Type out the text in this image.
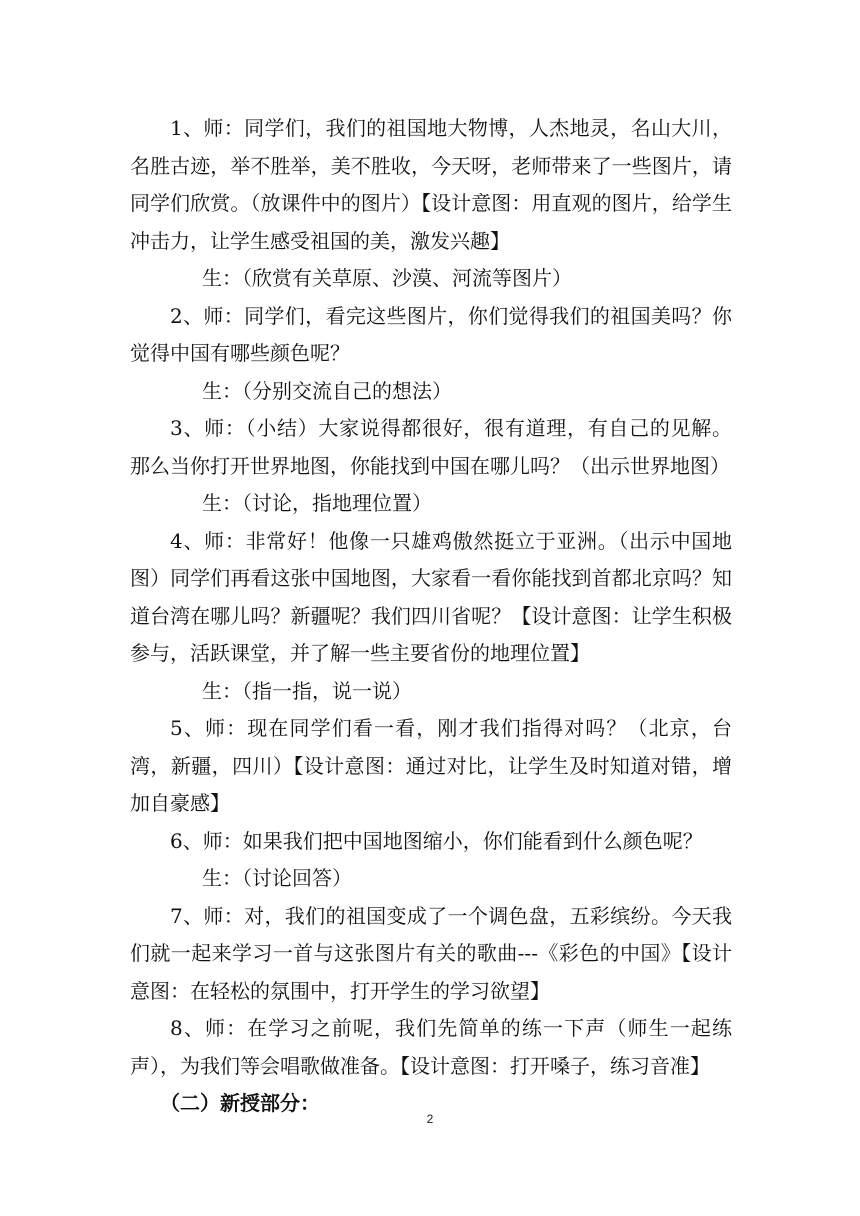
1、师：同学们，我们的祖国地大物博，人杰地灵，名山大川，名胜古迹，举不胜举，美不胜收，今天呀，老师带来了一些图片，请同学们欣赏。（放课件中的图片）【设计意图：用直观的图片，给学生冲击力，让学生感受祖国的美，激发兴趣】

生：（欣赏有关草原、沙漠、河流等图片）

2、师：同学们，看完这些图片，你们觉得我们的祖国美吗？你觉得中国有哪些颜色呢？

生：（分别交流自己的想法）

3、师：（小结）大家说得都很好，很有道理，有自己的见解。那么当你打开世界地图，你能找到中国在哪儿吗？（出示世界地图）

生：（讨论，指地理位置）

4、师：非常好！他像一只雄鸡傲然挺立于亚洲。（出示中国地图）同学们再看这张中国地图，大家看一看你能找到首都北京吗？知道台湾在哪儿吗？新疆呢？我们四川省呢？【设计意图：让学生积极参与，活跃课堂，并了解一些主要省份的地理位置】

生：（指一指，说一说）

5、师：现在同学们看一看，刚才我们指得对吗？（北京，台湾，新疆，四川）【设计意图：通过对比，让学生及时知道对错，增加自豪感】

6、师：如果我们把中国地图缩小，你们能看到什么颜色呢？

生：（讨论回答）

7、师：对，我们的祖国变成了一个调色盘，五彩缤纷。今天我们就一起来学习一首与这张图片有关的歌曲---《彩色的中国》【设计意图：在轻松的氛围中，打开学生的学习欲望】

8、师：在学习之前呢，我们先简单的练一下声（师生一起练声），为我们等会唱歌做准备。【设计意图：打开嗓子，练习音准】

（二）新授部分：

2
